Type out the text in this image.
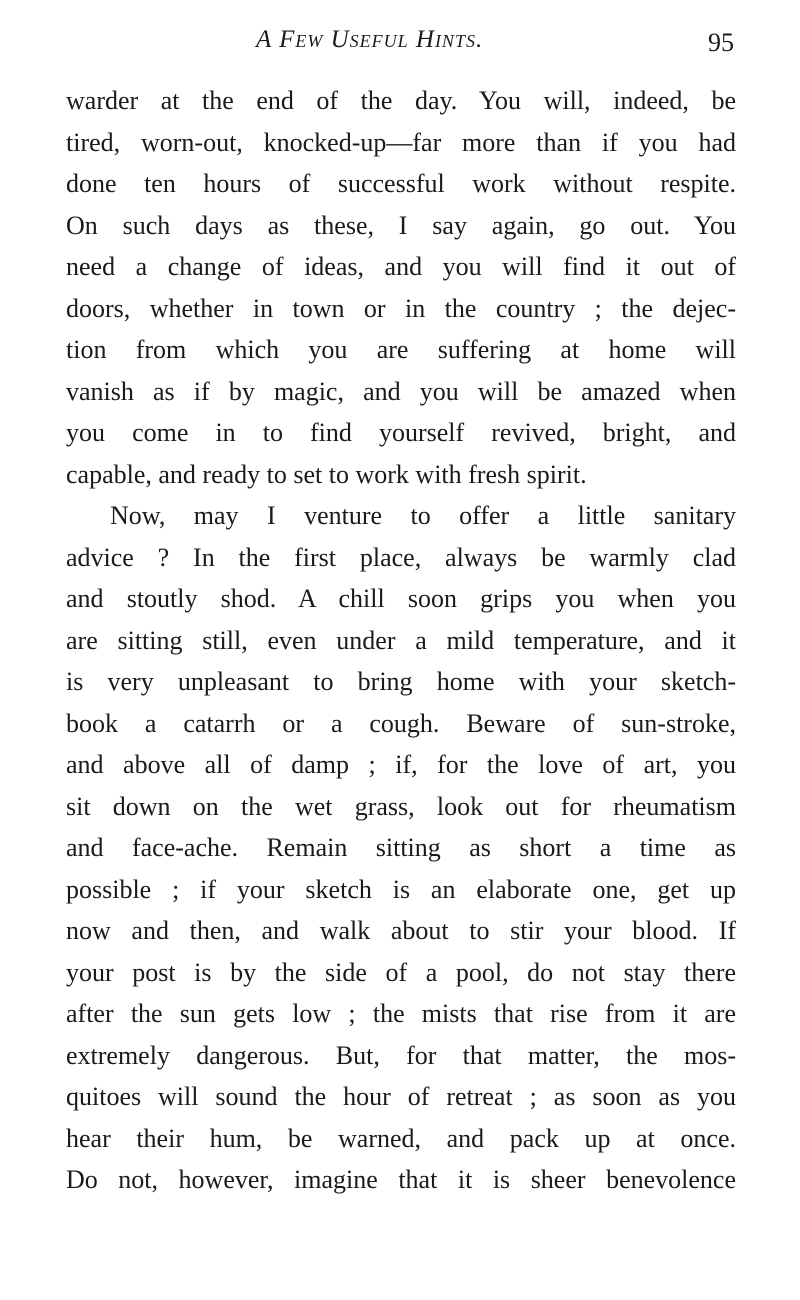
A Few Useful Hints.	95
warder at the end of the day. You will, indeed, be
tired, worn-out, knocked-up—far more than if you had
done ten hours of successful work without respite.
On such days as these, I say again, go out. You
need a change of ideas, and you will find it out of
doors, whether in town or in the country ; the dejec-
tion from which you are suffering at home will
vanish as if by magic, and you will be amazed when
you come in to find yourself revived, bright, and
capable, and ready to set to work with fresh spirit.
Now, may I venture to offer a little sanitary
advice ? In the first place, always be warmly clad
and stoutly shod. A chill soon grips you when you
are sitting still, even under a mild temperature, and it
is very unpleasant to bring home with your sketch-
book a catarrh or a cough. Beware of sun-stroke,
and above all of damp ; if, for the love of art, you
sit down on the wet grass, look out for rheumatism
and face-ache. Remain sitting as short a time as
possible ; if your sketch is an elaborate one, get up
now and then, and walk about to stir your blood. If
your post is by the side of a pool, do not stay there
after the sun gets low ; the mists that rise from it are
extremely dangerous. But, for that matter, the mos-
quitoes will sound the hour of retreat ; as soon as you
hear their hum, be warned, and pack up at once.
Do not, however, imagine that it is sheer benevolence
